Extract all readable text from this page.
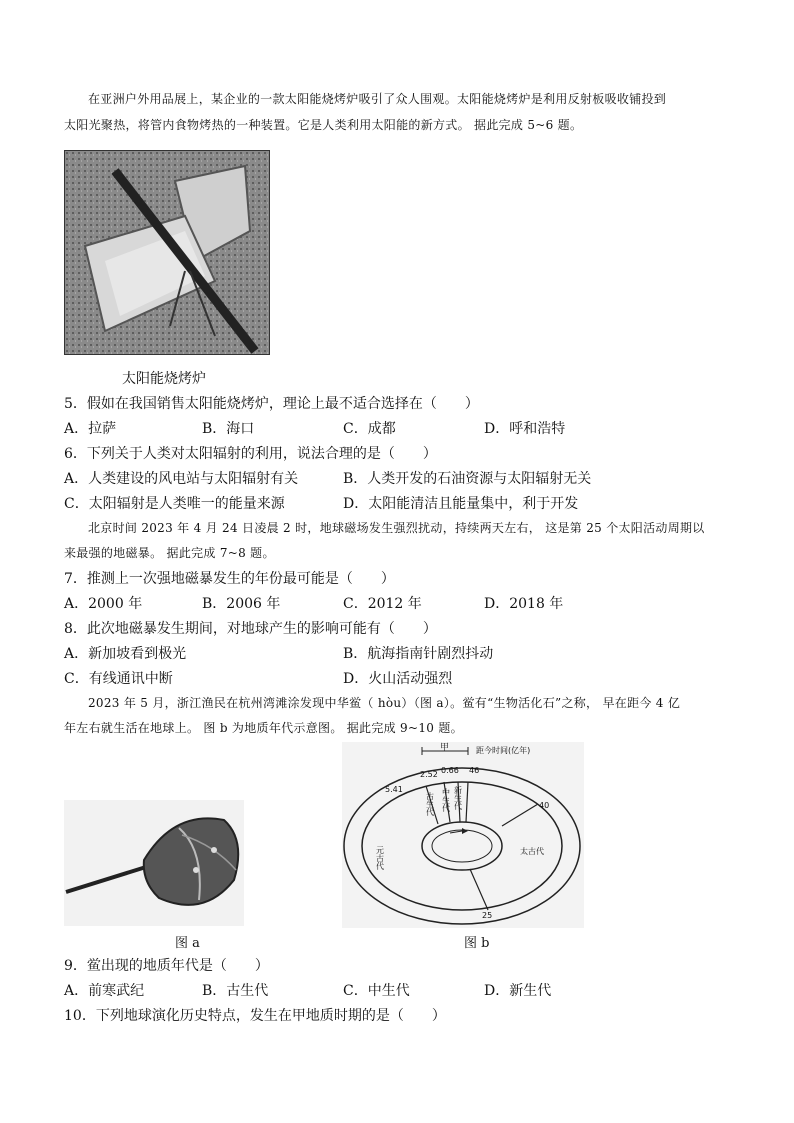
在亚洲户外用品展上，某企业的一款太阳能烧烤炉吸引了众人围观。太阳能烧烤炉是利用反射板吸收铺投到
太阳光聚热，将管内食物烤热的一种装置。它是人类利用太阳能的新方式。 据此完成 5~6 题。
太阳能烧烤炉
5．假如在我国销售太阳能烧烤炉，理论上最不适合选择在（　　）
A．拉萨	B．海口	C．成都	D．呼和浩特
6．下列关于人类对太阳辐射的利用，说法合理的是（　　）
A．人类建设的风电站与太阳辐射有关	B．人类开发的石油资源与太阳辐射无关
C．太阳辐射是人类唯一的能量来源	D．太阳能清洁且能量集中，利于开发
北京时间 2023 年 4 月 24 日凌晨 2 时，地球磁场发生强烈扰动，持续两天左右， 这是第 25 个太阳活动周期以
来最强的地磁暴。 据此完成 7~8 题。
7．推测上一次强地磁暴发生的年份最可能是（　　）
A．2000 年	B．2006 年	C．2012 年	D．2018 年
8．此次地磁暴发生期间，对地球产生的影响可能有（　　）
A．新加坡看到极光	B．航海指南针剧烈抖动
C．有线通讯中断	D．火山活动强烈
2023 年 5 月，浙江渔民在杭州湾滩涂发现中华鲎（ hòu）（图 a）。鲎有“生物活化石”之称， 早在距今 4 亿
年左右就生活在地球上。 图 b 为地质年代示意图。 据此完成 9~10 题。
图 a
甲	距今时间(亿年)
5.41
2.52 0.66 46
40
25
古生代 中生代 新生代
太古代
元古代
图 b
9．鲎出现的地质年代是（　　）
A．前寒武纪	B．古生代	C．中生代	D．新生代
10．下列地球演化历史特点，发生在甲地质时期的是（　　）
